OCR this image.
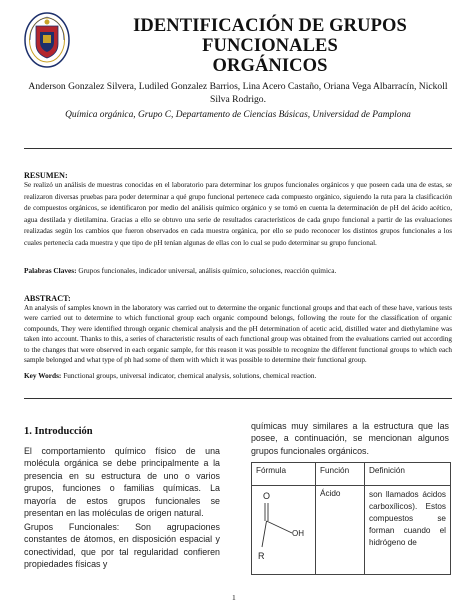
IDENTIFICACIÓN DE GRUPOS FUNCIONALES
ORGÁNICOS
Anderson Gonzalez Silvera, Ludiled Gonzalez Barrios, Lina Acero Castaño, Oriana Vega Albarracín, Nickoll
Silva Rodrigo.
Química orgánica, Grupo C, Departamento de Ciencias Básicas, Universidad de Pamplona
RESUMEN:
Se realizó un análisis de muestras conocidas en el laboratorio para determinar los grupos funcionales orgánicos y que poseen cada una de estas, se realizaron diversas pruebas para poder determinar a qué grupo funcional pertenece cada compuesto orgánico, siguiendo la ruta para la clasificación de compuestos orgánicos, se identificaron por medio del análisis químico orgánico y se tomó en cuenta la determinación de pH del ácido acético, agua destilada y dietilamina. Gracias a ello se obtuvo una serie de resultados característicos de cada grupo funcional a partir de las evaluaciones realizadas según los cambios que fueron observados en cada muestra orgánica, por ello se pudo reconocer los distintos grupos funcionales a los cuales pertenecía cada muestra y que tipo de pH tenían algunas de ellas con lo cual se pudo determinar su grupo funcional.
Palabras Claves: Grupos funcionales, indicador universal, análisis químico, soluciones, reacción química.
ABSTRACT:
An analysis of samples known in the laboratory was carried out to determine the organic functional groups and that each of these have, various tests were carried out to determine to which functional group each organic compound belongs, following the route for the classification of organic compounds, They were identified through organic chemical analysis and the pH determination of acetic acid, distilled water and diethylamine was taken into account. Thanks to this, a series of characteristic results of each functional group was obtained from the evaluations carried out according to the changes that were observed in each organic sample, for this reason it was possible to recognize the different functional groups to which each sample belonged and what type of ph had some of them with which it was possible to determine their functional group.
Key Words: Functional groups, universal indicator, chemical analysis, solutions, chemical reaction.
1. Introducción
El comportamiento químico físico de una molécula orgánica se debe principalmente a la presencia en su estructura de uno o varios grupos, funciones o familias químicas. La mayoría de estos grupos funcionales se presentan en las moléculas de origen natural.
Grupos Funcionales: Son agrupaciones constantes de átomos, en disposición espacial y conectividad, que por tal regularidad confieren propiedades físicas y
químicas muy similares a la estructura que las posee, a continuación, se mencionan algunos grupos funcionales orgánicos.
Fórmula	Función	Definición

O
OH
R	Ácido	son llamados ácidos carboxílicos). Estos compuestos se forman cuando el hidrógeno de
1
